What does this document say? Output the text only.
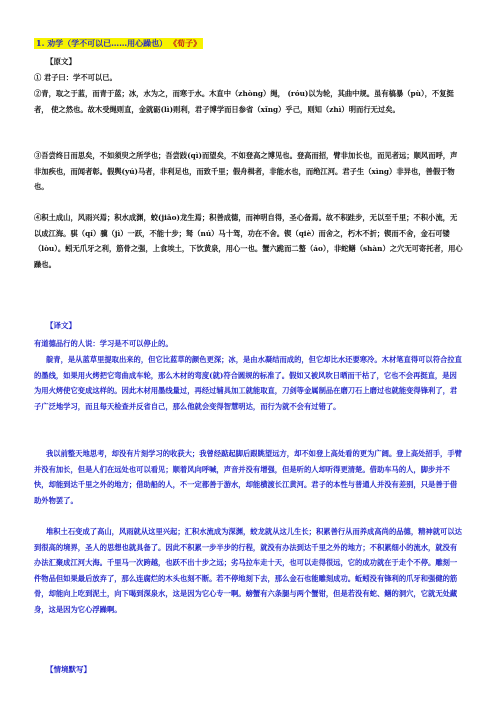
1. 劝学（学不可以已……用心躁也） 《荀子》
【原文】

① 君子曰：学不可以已。

②青，取之于蓝，而青于蓝；冰，水为之，而寒于水。木直中（zhòng）绳， (róu)以为轮，其曲中规。虽有槁暴（pù），不复挺者， 使之然也。故木受绳则直，金就砺(lì)则利，君子博学而日参省（xǐng）乎己，则知（zhì）明而行无过矣。

③吾尝终日而思矣，不如须臾之所学也；吾尝跂(qì)而望矣，不如登高之博见也。登高而招，臂非加长也，而见者远；顺风而呼，声非加疾也，而闻者彰。假舆(yú)马者，非利足也，而致千里；假舟楫者，非能水也，而绝江河。君子生（xìng）非异也，善假于物也。

④积土成山，风雨兴焉；积水成渊，蛟(jiāo)龙生焉；积善成德，而神明自得，圣心备焉。故不积跬步，无以至千里；不积小流，无以成江海。骐（qí）骥（jì）一跃，不能十步；驽（nú）马十驾，功在不舍。锲（qiè）而舍之，朽木不折；锲而不舍，金石可镂（lòu）。蚓无爪牙之利，筋骨之强，上食埃土，下饮黄泉，用心一也。蟹六跪而二螯（áo），非蛇鳝（shàn）之穴无可寄托者，用心躁也。

【译文】

有道德品行的人说：学习是不可以停止的。

靛青，是从蓝草里提取出来的，但它比蓝草的颜色更深；冰，是由水凝结而成的，但它却比水还要寒冷。木材笔直得可以符合拉直的墨线，如果用火烤把它弯曲成车轮，那么木材的弯度(就)符合圆规的标准了。假如又被风吹日晒而干枯了，它也不会再挺直，是因为用火烤使它变成这样的。因此木材用墨线量过，再经过辅具加工就能取直，刀剑等金属制品在磨刀石上磨过也就能变得锋利了，君子广泛地学习，而且每天检查并反省自己，那么他就会变得智慧明达，而行为就不会有过错了。

我以前整天地思考，却没有片刻学习的收获大；我曾经踮起脚后跟眺望远方，却不如登上高处看的更为广阔。登上高处招手，手臂并没有加长，但是人们在远处也可以看见；顺着风向呼喊，声音并没有增强，但是听的人却听得更清楚。借助车马的人，脚步并不快，却能到达千里之外的地方；借助船的人，不一定都善于游水，却能横渡长江黄河。君子的本性与普通人并没有差别，只是善于借助外物罢了。

堆积土石变成了高山，风雨就从这里兴起；汇积水流成为深渊，蛟龙就从这儿生长；积累善行从而养成高尚的品德，精神就可以达到很高的境界，圣人的思想也就具备了。因此不积累一步半步的行程，就没有办法到达千里之外的地方；不积累细小的流水，就没有办法汇聚成江河大海。千里马一次跨越，也跃不出十步之远；劣马拉车走十天，也可以走得很远，它的成功就在于走个不停。雕刻一件物品但如果最后放弃了，那么连腐烂的木头也刻不断。若不停地刻下去，那么金石也能雕刻成功。蚯蚓没有锋利的爪牙和强健的筋骨，却能向上吃到泥土，向下喝到深泉水，这是因为它心专一啊。螃蟹有六条腿与两个蟹钳，但是若没有蛇、鳝的洞穴，它就无处藏身，这是因为它心浮躁啊。

【情境默写】
